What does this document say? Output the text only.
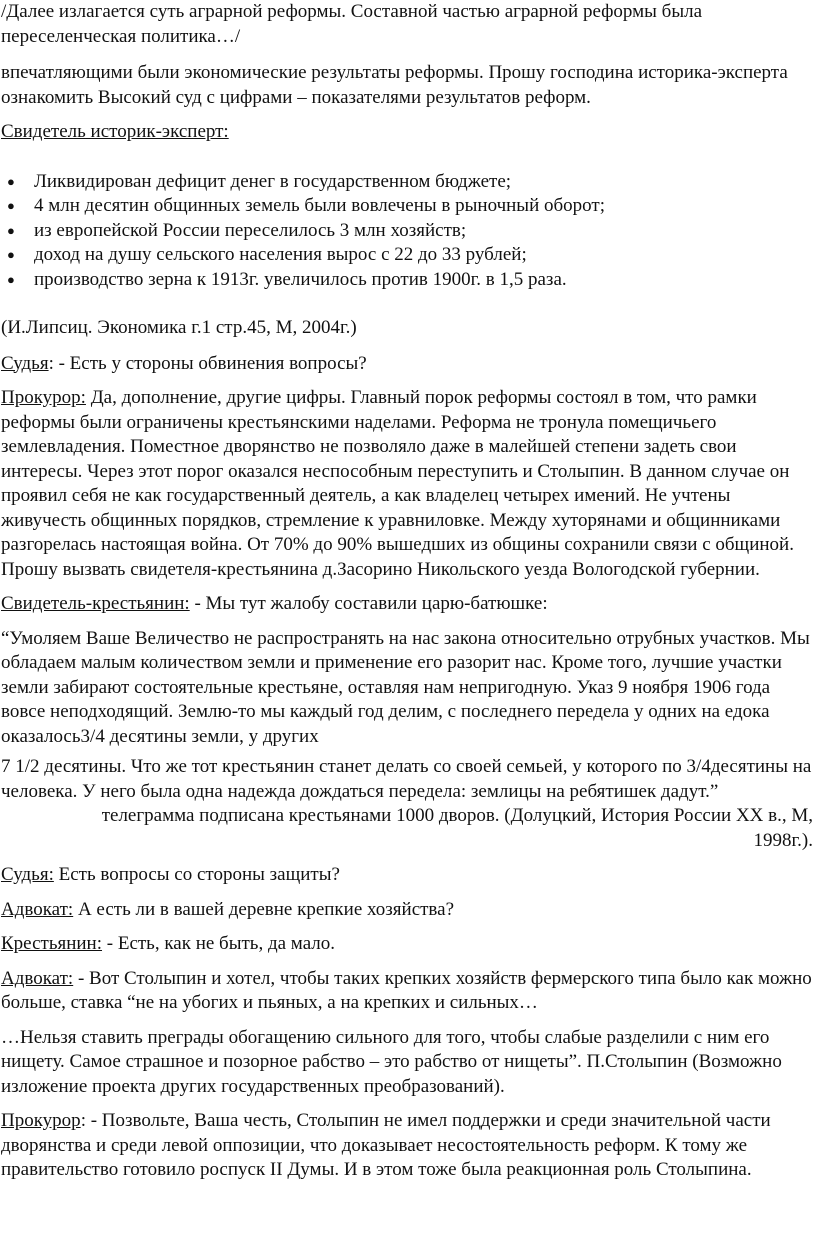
/Далее излагается суть аграрной реформы. Составной частью аграрной реформы была переселенческая политика…/

впечатляющими были экономические результаты реформы. Прошу господина историка-эксперта ознакомить Высокий суд с цифрами – показателями результатов реформ.

Свидетель историк-эксперт:

● Ликвидирован дефицит денег в государственном бюджете;
● 4 млн десятин общинных земель были вовлечены в рыночный оборот;
● из европейской России переселилось 3 млн хозяйств;
● доход на душу сельского населения вырос с 22 до 33 рублей;
● производство зерна к 1913г. увеличилось против 1900г. в 1,5 раза.

(И.Липсиц. Экономика г.1 стр.45, М, 2004г.)

Судья: - Есть у стороны обвинения вопросы?

Прокурор: Да, дополнение, другие цифры. Главный порок реформы состоял в том, что рамки реформы были ограничены крестьянскими наделами. Реформа не тронула помещичьего землевладения. Поместное дворянство не позволяло даже в малейшей степени задеть свои интересы. Через этот порог оказался неспособным переступить и Столыпин. В данном случае он проявил себя не как государственный деятель, а как владелец четырех имений. Не учтены живучесть общинных порядков, стремление к уравниловке. Между хуторянами и общинниками разгорелась настоящая война. От 70% до 90% вышедших из общины сохранили связи с общиной. Прошу вызвать свидетеля-крестьянина д.Засорино Никольского уезда Вологодской губернии.

Свидетель-крестьянин: - Мы тут жалобу составили царю-батюшке:

“Умоляем Ваше Величество не распространять на нас закона относительно отрубных участков. Мы обладаем малым количеством земли и применение его разорит нас. Кроме того, лучшие участки земли забирают состоятельные крестьяне, оставляя нам непригодную. Указ 9 ноября 1906 года вовсе неподходящий. Землю-то мы каждый год делим, с последнего передела у одних на едока оказалось3/4 десятины земли, у других

7 1/2 десятины. Что же тот крестьянин станет делать со своей семьей, у которого по 3/4десятины на человека. У него была одна надежда дождаться передела: землицы на ребятишек дадут.”

телеграмма подписана крестьянами 1000 дворов. (Долуцкий, История России XX в., М,

1998г.).

Судья: Есть вопросы со стороны защиты?

Адвокат: А есть ли в вашей деревне крепкие хозяйства?

Крестьянин: - Есть, как не быть, да мало.

Адвокат: - Вот Столыпин и хотел, чтобы таких крепких хозяйств фермерского типа было как можно больше, ставка “не на убогих и пьяных, а на крепких и сильных…

…Нельзя ставить преграды обогащению сильного для того, чтобы слабые разделили с ним его нищету. Самое страшное и позорное рабство – это рабство от нищеты”. П.Столыпин (Возможно изложение проекта других государственных преобразований).

Прокурор: - Позвольте, Ваша честь, Столыпин не имел поддержки и среди значительной части дворянства и среди левой оппозиции, что доказывает несостоятельность реформ. К тому же правительство готовило роспуск II Думы. И в этом тоже была реакционная роль Столыпина.
